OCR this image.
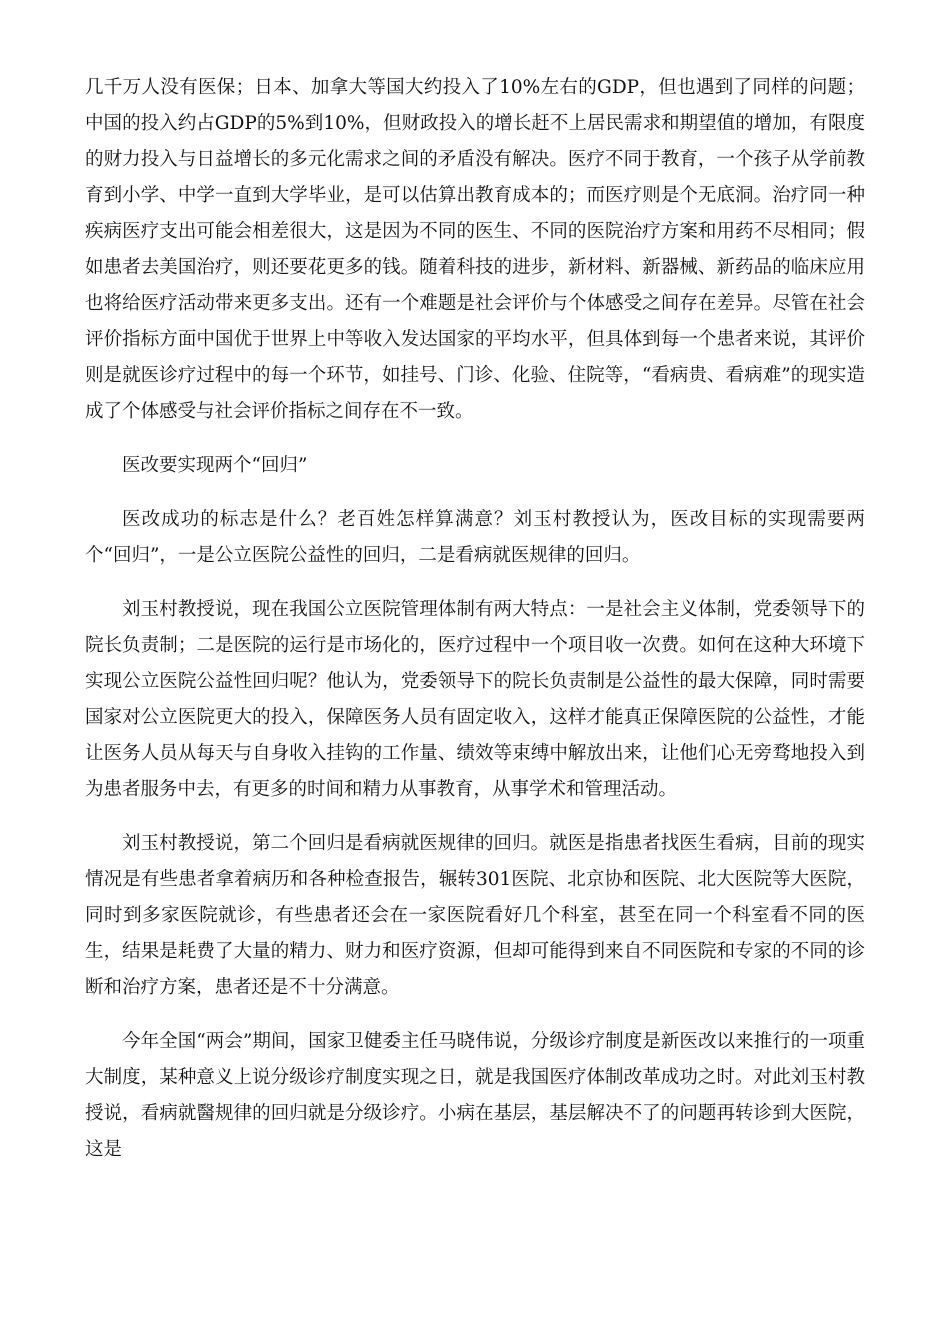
几千万人没有医保；日本、加拿大等国大约投入了10%左右的GDP，但也遇到了同样的问题；中国的投入约占GDP的5%到10%，但财政投入的增长赶不上居民需求和期望值的增加，有限度的财力投入与日益增长的多元化需求之间的矛盾没有解决。医疗不同于教育，一个孩子从学前教育到小学、中学一直到大学毕业，是可以估算出教育成本的；而医疗则是个无底洞。治疗同一种疾病医疗支出可能会相差很大，这是因为不同的医生、不同的医院治疗方案和用药不尽相同；假如患者去美国治疗，则还要花更多的钱。随着科技的进步，新材料、新器械、新药品的临床应用也将给医疗活动带来更多支出。还有一个难题是社会评价与个体感受之间存在差异。尽管在社会评价指标方面中国优于世界上中等收入发达国家的平均水平，但具体到每一个患者来说，其评价则是就医诊疗过程中的每一个环节，如挂号、门诊、化验、住院等，“看病贵、看病难”的现实造成了个体感受与社会评价指标之间存在不一致。

医改要实现两个“回归”

医改成功的标志是什么？老百姓怎样算满意？刘玉村教授认为，医改目标的实现需要两个“回归”，一是公立医院公益性的回归，二是看病就医规律的回归。

刘玉村教授说，现在我国公立医院管理体制有两大特点：一是社会主义体制，党委领导下的院长负责制；二是医院的运行是市场化的，医疗过程中一个项目收一次费。如何在这种大环境下实现公立医院公益性回归呢？他认为，党委领导下的院长负责制是公益性的最大保障，同时需要国家对公立医院更大的投入，保障医务人员有固定收入，这样才能真正保障医院的公益性，才能让医务人员从每天与自身收入挂钩的工作量、绩效等束缚中解放出来，让他们心无旁骛地投入到为患者服务中去，有更多的时间和精力从事教育，从事学术和管理活动。

刘玉村教授说，第二个回归是看病就医规律的回归。就医是指患者找医生看病，目前的现实情况是有些患者拿着病历和各种检查报告，辗转301医院、北京协和医院、北大医院等大医院，同时到多家医院就诊，有些患者还会在一家医院看好几个科室，甚至在同一个科室看不同的医生，结果是耗费了大量的精力、财力和医疗资源，但却可能得到来自不同医院和专家的不同的诊断和治疗方案，患者还是不十分满意。

今年全国“两会”期间，国家卫健委主任马晓伟说，分级诊疗制度是新医改以来推行的一项重大制度，某种意义上说分级诊疗制度实现之日，就是我国医疗体制改革成功之时。对此刘玉村教授说，看病就醫规律的回归就是分级诊疗。小病在基层，基层解决不了的问题再转诊到大医院，这是
